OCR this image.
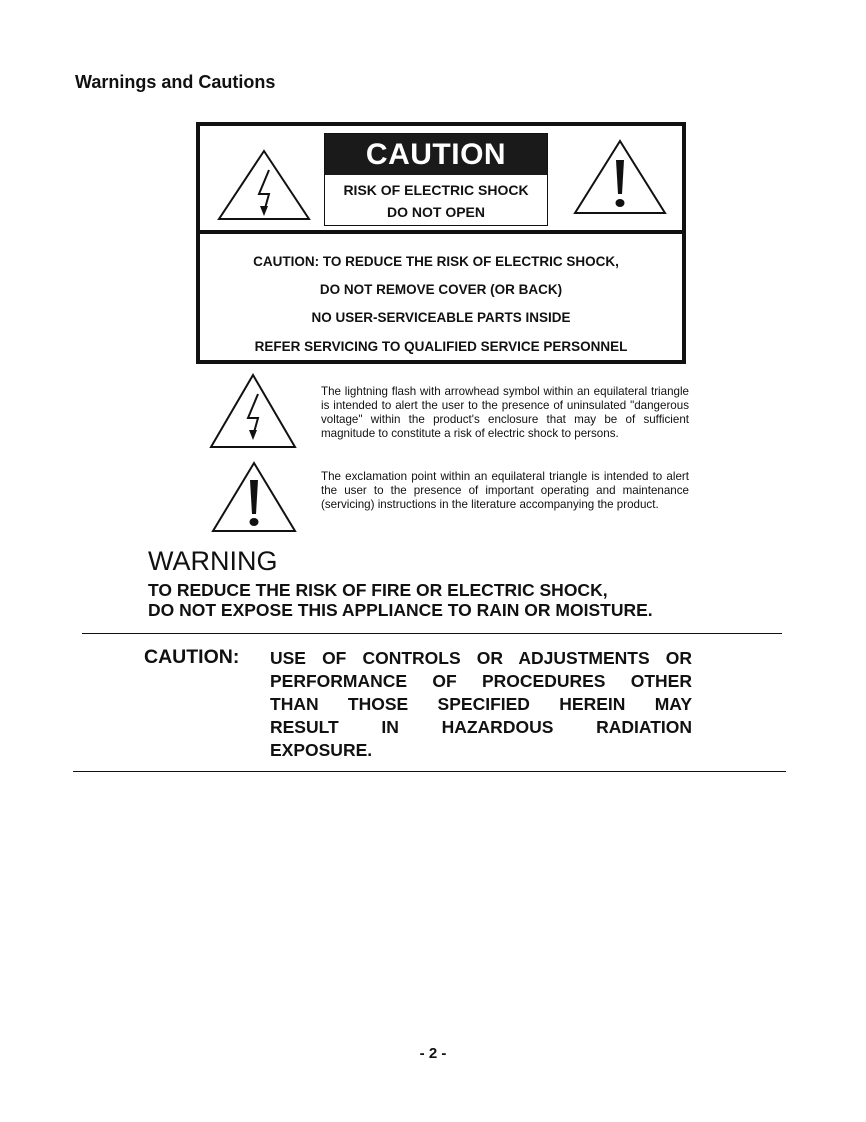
Warnings and Cautions
CAUTION
RISK OF ELECTRIC SHOCK
DO NOT OPEN
CAUTION: TO REDUCE THE RISK OF ELECTRIC SHOCK,
DO NOT REMOVE COVER (OR BACK)
NO USER-SERVICEABLE PARTS INSIDE
REFER SERVICING TO QUALIFIED SERVICE PERSONNEL

The lightning flash with arrowhead symbol within an equilateral triangle is intended to alert the user to the presence of uninsulated "dangerous voltage" within the product's enclosure that may be of sufficient magnitude to constitute a risk of electric shock to persons.

The exclamation point within an equilateral triangle is intended to alert the user to the presence of important operating and maintenance (servicing) instructions in the literature accompanying the product.

WARNING
TO REDUCE THE RISK OF FIRE OR ELECTRIC SHOCK,
DO NOT EXPOSE THIS APPLIANCE TO RAIN OR MOISTURE.
CAUTION: USE OF CONTROLS OR ADJUSTMENTS OR
PERFORMANCE OF PROCEDURES OTHER
THAN THOSE SPECIFIED HEREIN MAY
RESULT IN HAZARDOUS RADIATION
EXPOSURE.
- 2 -
